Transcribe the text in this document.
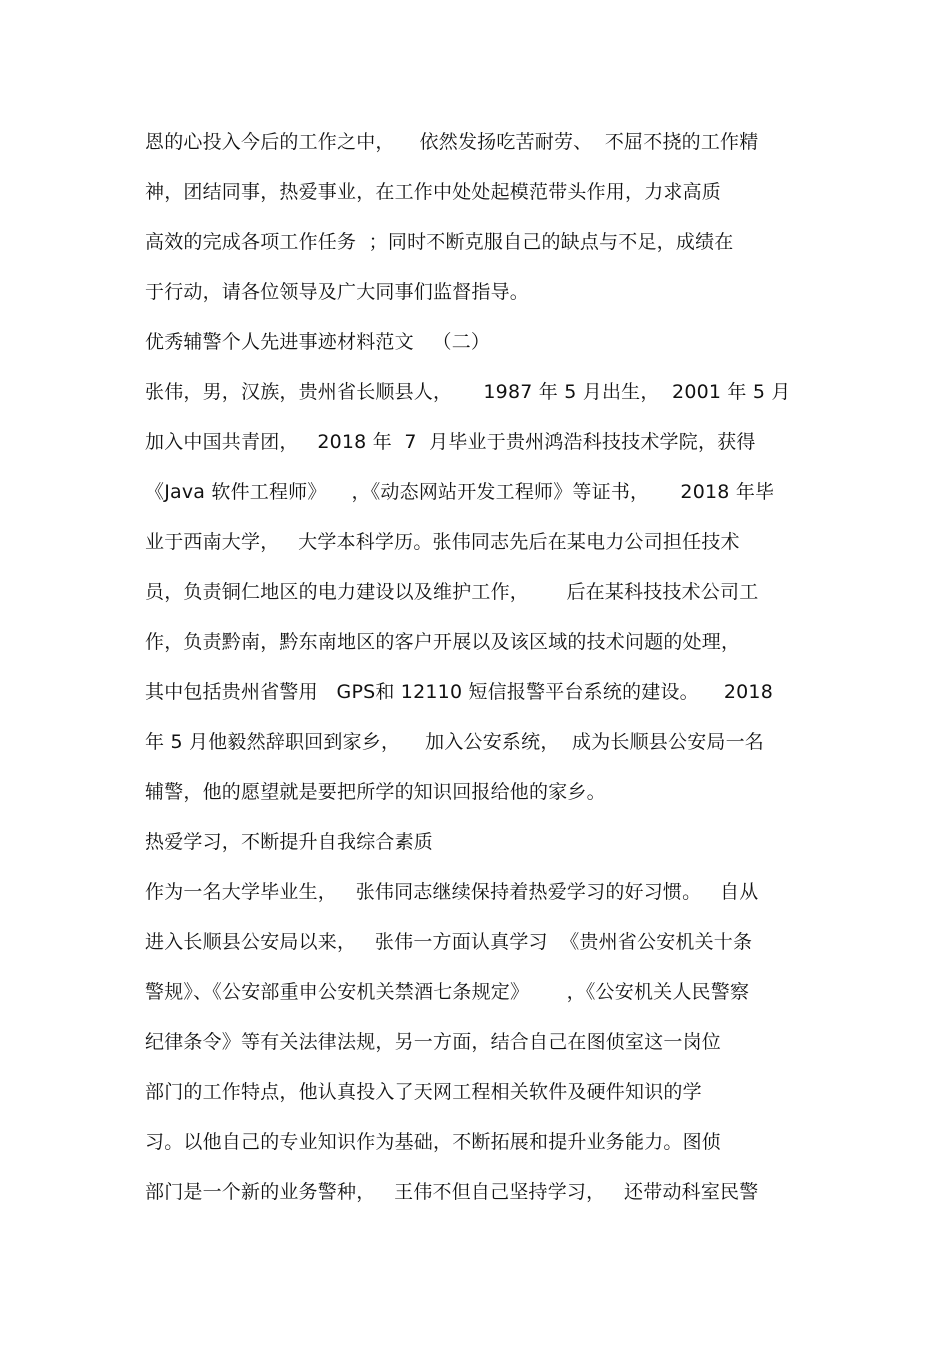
恩的心投入今后的工作之中，    依然发扬吃苦耐劳、  不屈不挠的工作精
神，团结同事，热爱事业，在工作中处处起模范带头作用，力求高质
高效的完成各项工作任务  ；同时不断克服自己的缺点与不足，成绩在
于行动，请各位领导及广大同事们监督指导。
优秀辅警个人先进事迹材料范文   （二）
张伟，男，汉族，贵州省长顺县人，     1987 年 5 月出生，  2001 年 5 月
加入中国共青团，   2018 年  7  月毕业于贵州鸿浩科技技术学院，获得
《Java 软件工程师》    ，《动态网站开发工程师》等证书，     2018 年毕
业于西南大学，   大学本科学历。张伟同志先后在某电力公司担任技术
员，负责铜仁地区的电力建设以及维护工作，      后在某科技技术公司工
作，负责黔南，黔东南地区的客户开展以及该区域的技术问题的处理，
其中包括贵州省警用   GPS和 12110 短信报警平台系统的建设。    2018
年 5 月他毅然辞职回到家乡，    加入公安系统，  成为长顺县公安局一名
辅警，他的愿望就是要把所学的知识回报给他的家乡。
热爱学习，不断提升自我综合素质
作为一名大学毕业生，   张伟同志继续保持着热爱学习的好习惯。   自从
进入长顺县公安局以来，   张伟一方面认真学习  《贵州省公安机关十条
警规》、《公安部重申公安机关禁酒七条规定》      ，《公安机关人民警察
纪律条令》等有关法律法规，另一方面，结合自己在图侦室这一岗位
部门的工作特点，他认真投入了天网工程相关软件及硬件知识的学
习。以他自己的专业知识作为基础，不断拓展和提升业务能力。图侦
部门是一个新的业务警种，   王伟不但自己坚持学习，   还带动科室民警
